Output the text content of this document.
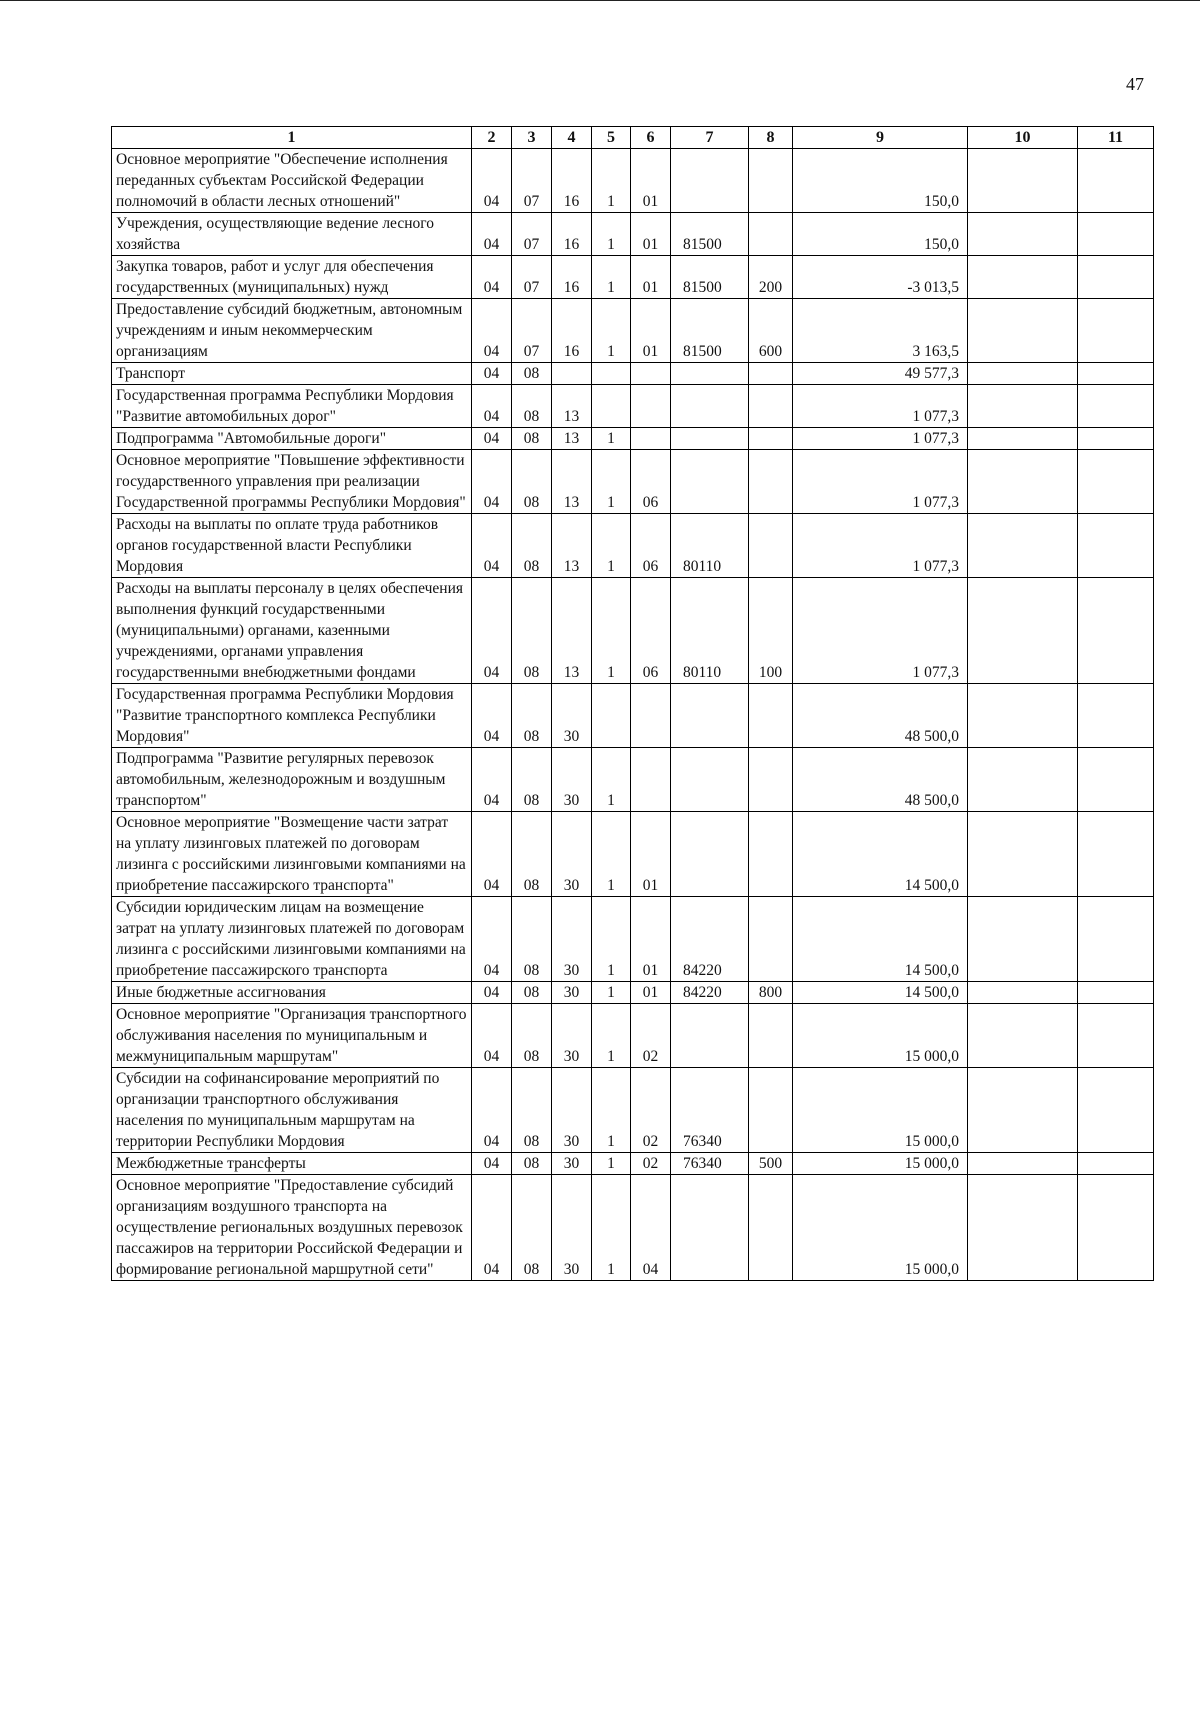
47
1	2	3	4	5	6	7	8	9	10	11
Основное мероприятие "Обеспечение исполнения переданных субъектам Российской Федерации полномочий в области лесных отношений"	04	07	16	1	01			150,0		
Учреждения, осуществляющие ведение лесного хозяйства	04	07	16	1	01	81500		150,0		
Закупка товаров, работ и услуг для обеспечения государственных (муниципальных) нужд	04	07	16	1	01	81500	200	-3 013,5		
Предоставление субсидий бюджетным, автономным учреждениям и иным некоммерческим организациям	04	07	16	1	01	81500	600	3 163,5		
Транспорт	04	08						49 577,3		
Государственная программа Республики Мордовия "Развитие автомобильных дорог"	04	08	13					1 077,3		
Подпрограмма "Автомобильные дороги"	04	08	13	1				1 077,3		
Основное мероприятие "Повышение эффективности государственного управления при реализации Государственной программы Республики Мордовия"	04	08	13	1	06			1 077,3		
Расходы на выплаты по оплате труда работников органов государственной власти Республики Мордовия	04	08	13	1	06	80110		1 077,3		
Расходы на выплаты персоналу в целях обеспечения выполнения функций государственными (муниципальными) органами, казенными учреждениями, органами управления государственными внебюджетными фондами	04	08	13	1	06	80110	100	1 077,3		
Государственная программа Республики Мордовия "Развитие транспортного комплекса Республики Мордовия"	04	08	30					48 500,0		
Подпрограмма "Развитие регулярных перевозок автомобильным, железнодорожным и воздушным транспортом"	04	08	30	1				48 500,0		
Основное мероприятие "Возмещение части затрат на уплату лизинговых платежей по договорам лизинга с российскими лизинговыми компаниями на приобретение пассажирского транспорта"	04	08	30	1	01			14 500,0		
Субсидии юридическим лицам на возмещение затрат на уплату лизинговых платежей по договорам лизинга с российскими лизинговыми компаниями на приобретение пассажирского транспорта	04	08	30	1	01	84220		14 500,0		
Иные бюджетные ассигнования	04	08	30	1	01	84220	800	14 500,0		
Основное мероприятие "Организация транспортного обслуживания населения по муниципальным и межмуниципальным маршрутам"	04	08	30	1	02			15 000,0		
Субсидии на софинансирование мероприятий по организации транспортного обслуживания населения по муниципальным маршрутам на территории Республики Мордовия	04	08	30	1	02	76340		15 000,0		
Межбюджетные трансферты	04	08	30	1	02	76340	500	15 000,0		
Основное мероприятие "Предоставление субсидий организациям воздушного транспорта на осуществление региональных воздушных перевозок пассажиров на территории Российской Федерации и формирование региональной маршрутной сети"	04	08	30	1	04			15 000,0		
